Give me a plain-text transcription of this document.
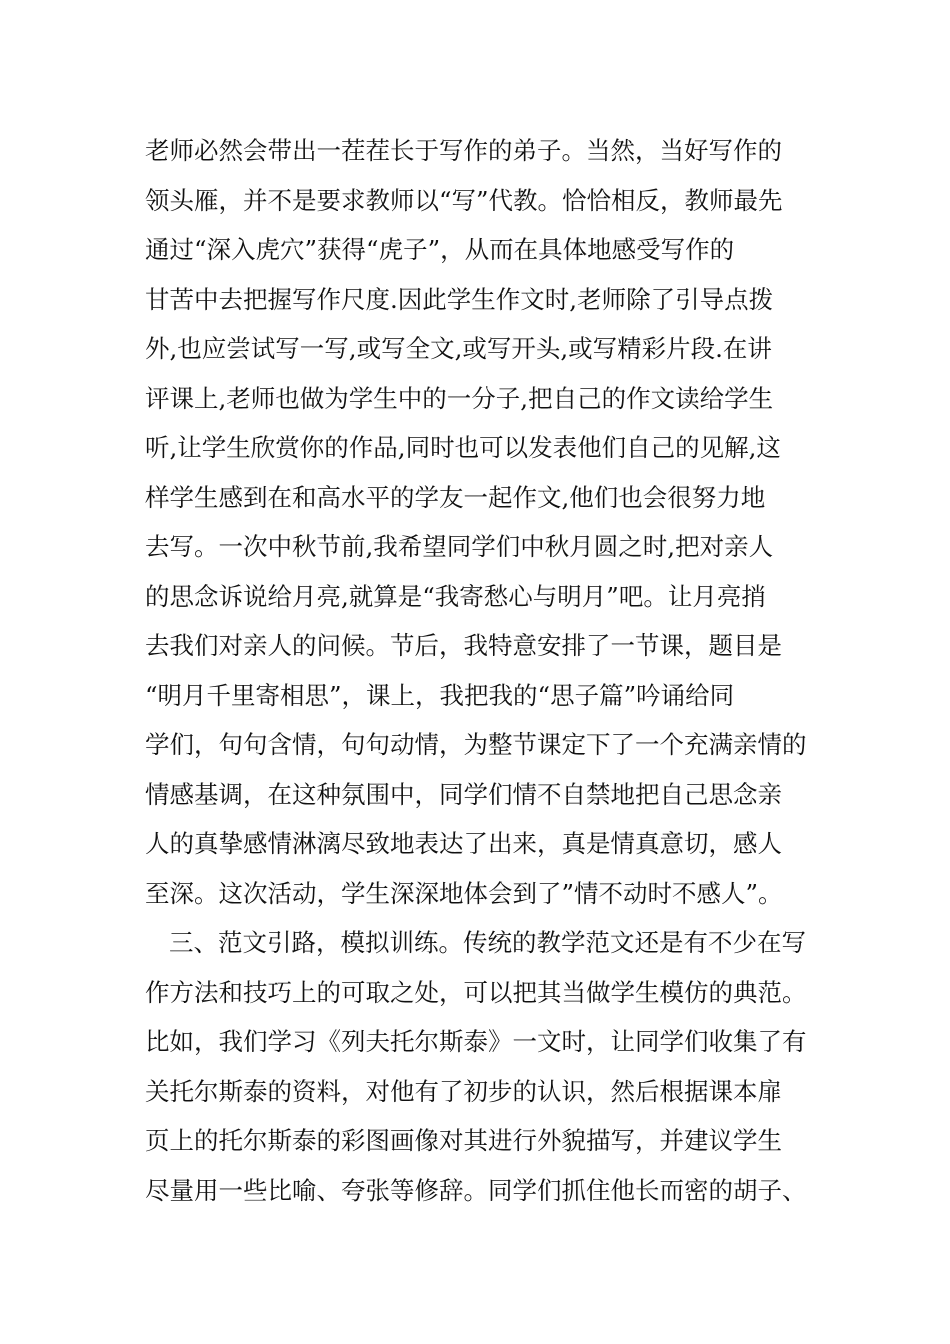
老师必然会带出一茬茬长于写作的弟子。当然，当好写作的
领头雁，并不是要求教师以“写”代教。恰恰相反，教师最先
通过“深入虎穴”获得“虎子”，从而在具体地感受写作的
甘苦中去把握写作尺度.因此学生作文时,老师除了引导点拨
外,也应尝试写一写,或写全文,或写开头,或写精彩片段.在讲
评课上,老师也做为学生中的一分子,把自己的作文读给学生
听,让学生欣赏你的作品,同时也可以发表他们自己的见解,这
样学生感到在和高水平的学友一起作文,他们也会很努力地
去写。一次中秋节前,我希望同学们中秋月圆之时,把对亲人
的思念诉说给月亮,就算是“我寄愁心与明月”吧。让月亮捎
去我们对亲人的问候。节后，我特意安排了一节课，题目是
“明月千里寄相思”，课上，我把我的“思子篇”吟诵给同
学们，句句含情，句句动情，为整节课定下了一个充满亲情的
情感基调，在这种氛围中，同学们情不自禁地把自己思念亲
人的真挚感情淋漓尽致地表达了出来，真是情真意切，感人
至深。这次活动，学生深深地体会到了”情不动时不感人”。
三、范文引路，模拟训练。传统的教学范文还是有不少在写
作方法和技巧上的可取之处，可以把其当做学生模仿的典范。
比如，我们学习《列夫托尔斯泰》一文时，让同学们收集了有
关托尔斯泰的资料，对他有了初步的认识，然后根据课本扉
页上的托尔斯泰的彩图画像对其进行外貌描写，并建议学生
尽量用一些比喻、夸张等修辞。同学们抓住他长而密的胡子、
